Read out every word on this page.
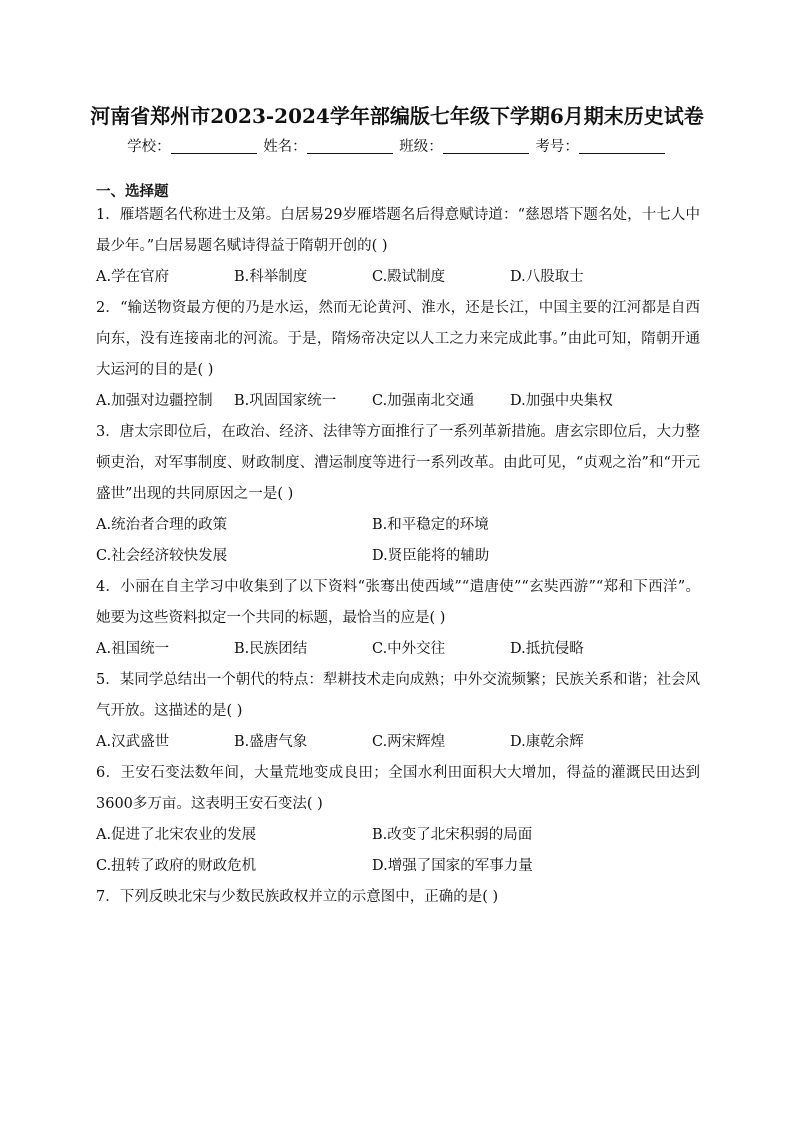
河南省郑州市2023-2024学年部编版七年级下学期6月期末历史试卷
学校：	姓名：	班级：	考号：
一、选择题

1．雁塔题名代称进士及第。白居易29岁雁塔题名后得意赋诗道：“慈恩塔下题名处，十七人中最少年。”白居易题名赋诗得益于隋朝开创的( )

A.学在官府	B.科举制度	C.殿试制度	D.八股取士

2．“输送物资最方便的乃是水运，然而无论黄河、淮水，还是长江，中国主要的江河都是自西向东，没有连接南北的河流。于是，隋炀帝决定以人工之力来完成此事。”由此可知，隋朝开通大运河的目的是( )

A.加强对边疆控制	B.巩固国家统一	C.加强南北交通	D.加强中央集权

3．唐太宗即位后，在政治、经济、法律等方面推行了一系列革新措施。唐玄宗即位后，大力整顿吏治，对军事制度、财政制度、漕运制度等进行一系列改革。由此可见，“贞观之治”和“开元盛世”出现的共同原因之一是( )

A.统治者合理的政策	B.和平稳定的环境
C.社会经济较快发展	D.贤臣能将的辅助

4．小丽在自主学习中收集到了以下资料“张骞出使西域”“遣唐使”“玄奘西游”“郑和下西洋”。她要为这些资料拟定一个共同的标题，最恰当的应是( )

A.祖国统一	B.民族团结	C.中外交往	D.抵抗侵略

5．某同学总结出一个朝代的特点：犁耕技术走向成熟；中外交流频繁；民族关系和谐；社会风气开放。这描述的是( )

A.汉武盛世	B.盛唐气象	C.两宋辉煌	D.康乾余辉

6．王安石变法数年间，大量荒地变成良田；全国水利田面积大大增加，得益的灌溉民田达到3600多万亩。这表明王安石变法( )

A.促进了北宋农业的发展	B.改变了北宋积弱的局面
C.扭转了政府的财政危机	D.增强了国家的军事力量

7．下列反映北宋与少数民族政权并立的示意图中，正确的是( )
